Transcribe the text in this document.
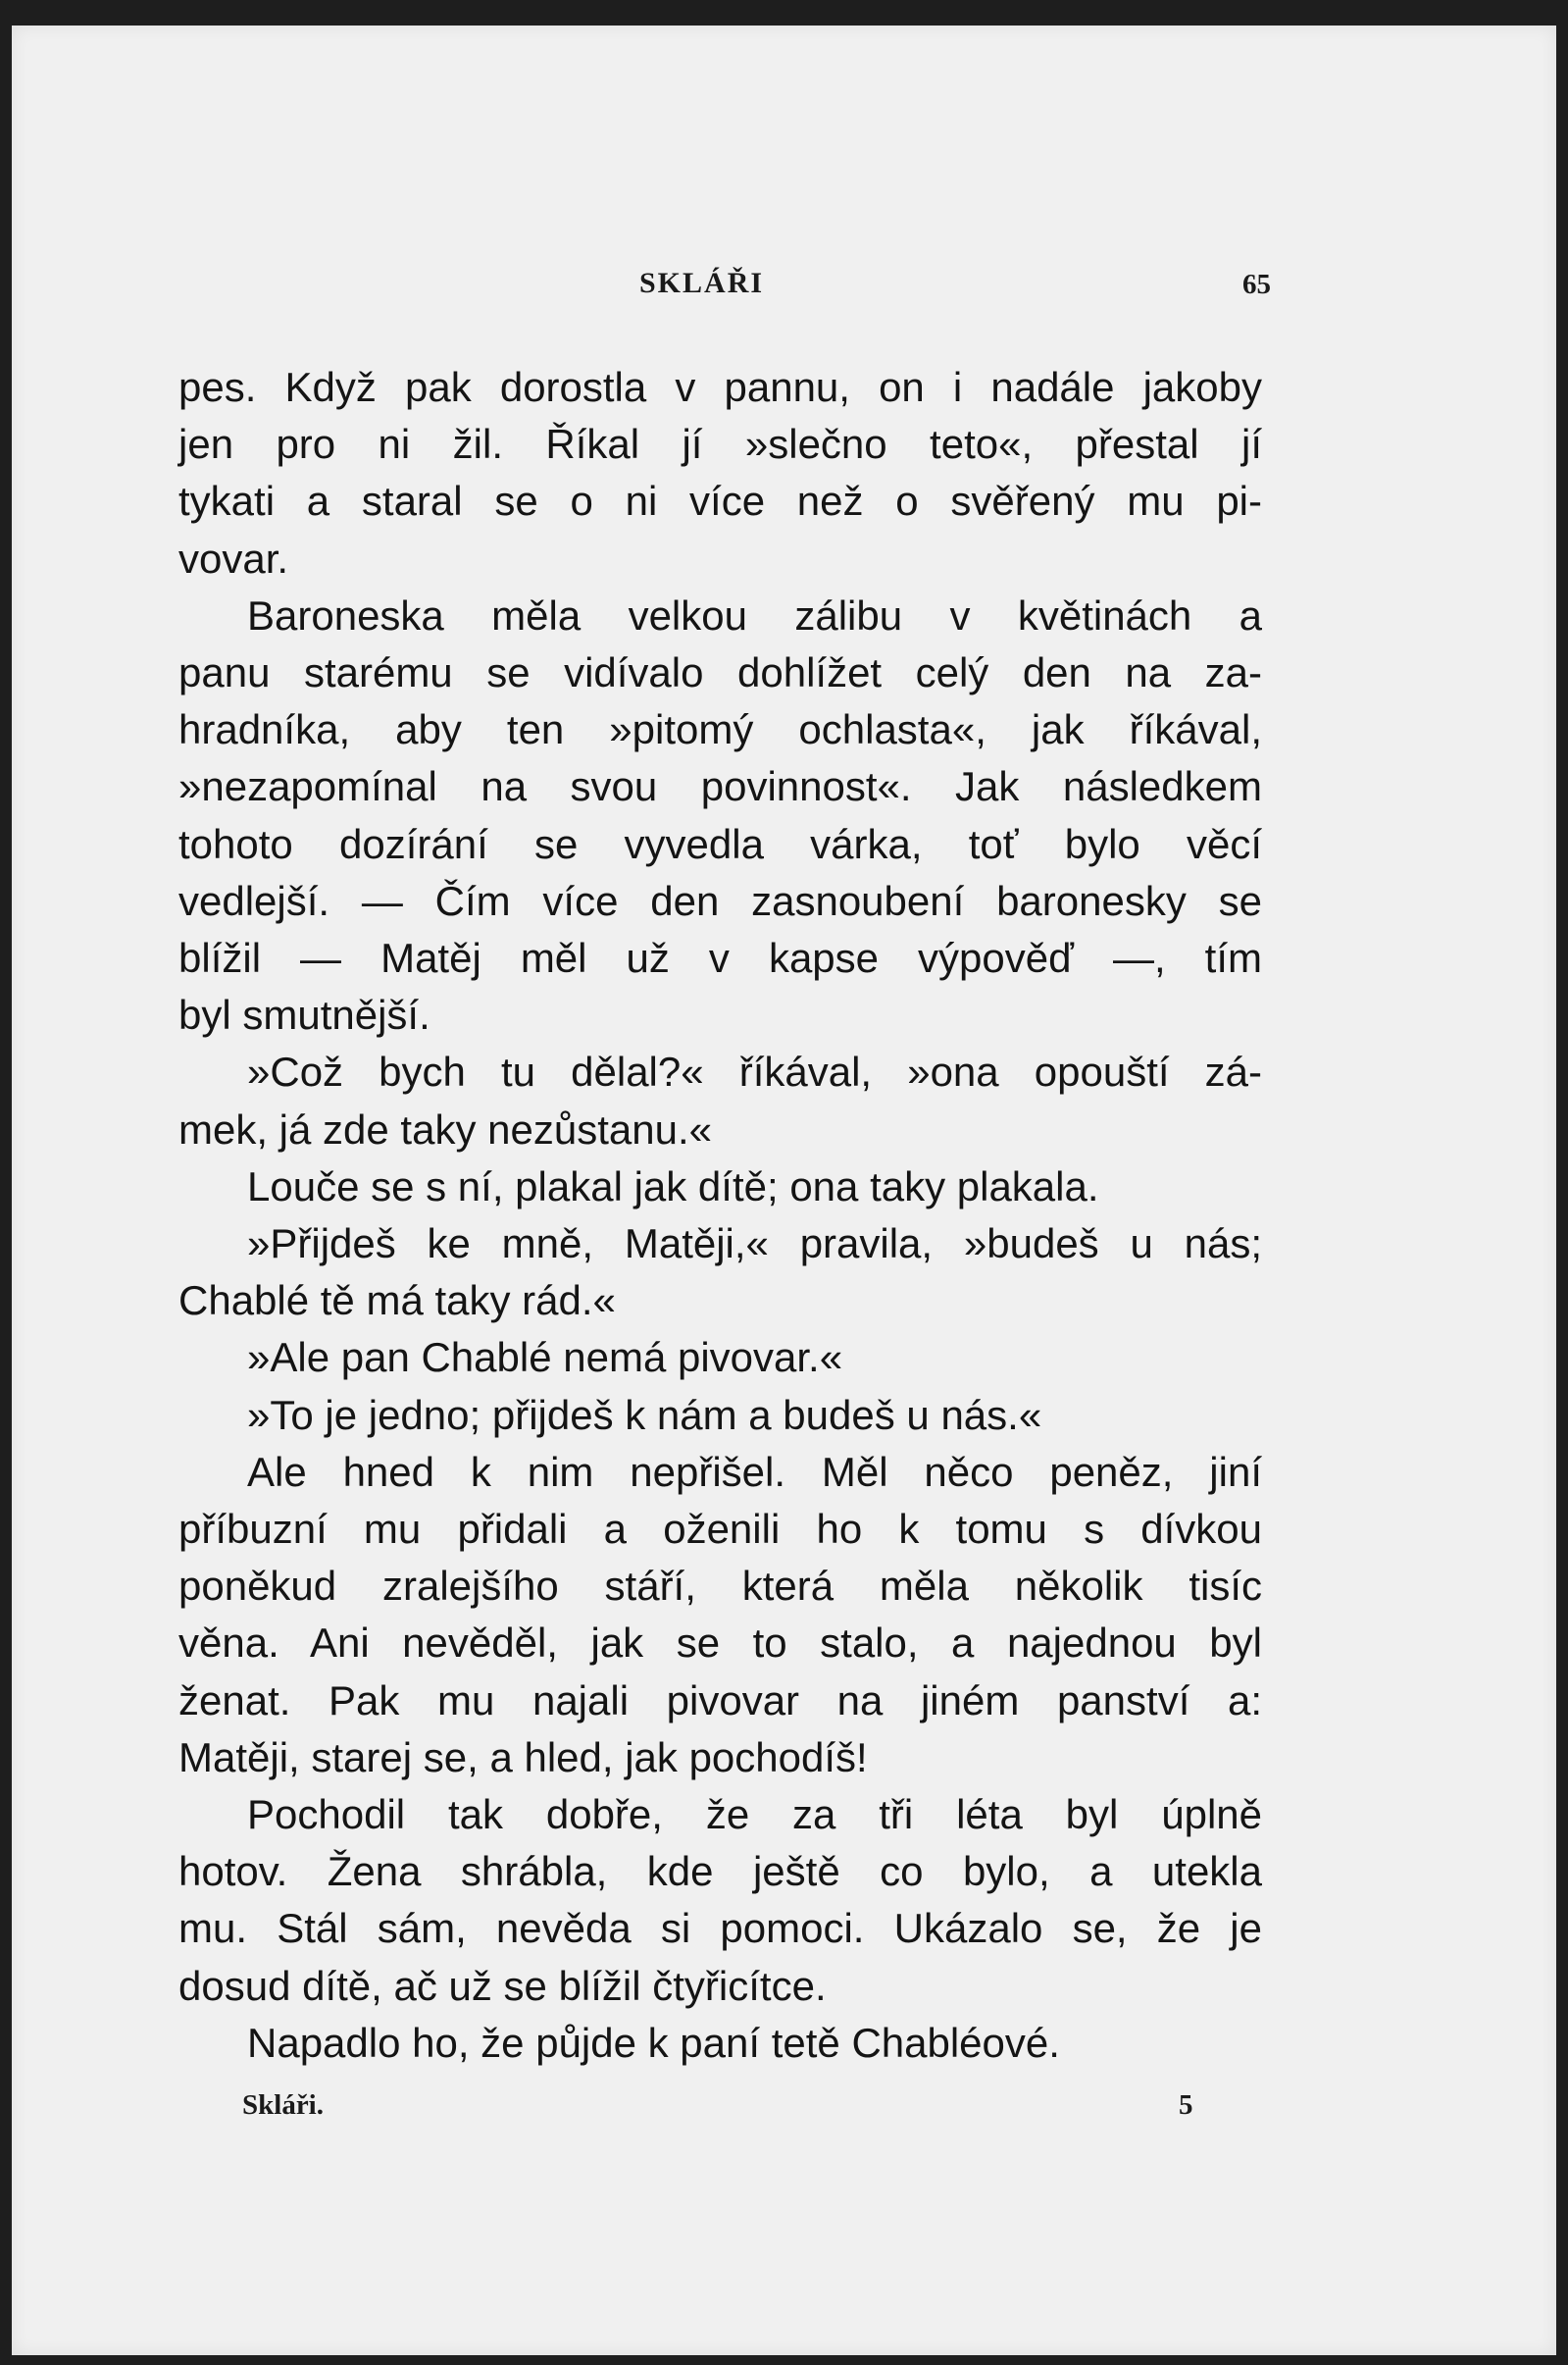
SKLÁŘI	65

pes. Když pak dorostla v pannu, on i nadále jakoby
jen pro ni žil. Říkal jí »slečno teto«, přestal jí
tykati a staral se o ni více než o svěřený mu pi-
vovar.

Baroneska měla velkou zálibu v květinách a
panu starému se vidívalo dohlížet celý den na za-
hradníka, aby ten »pitomý ochlasta«, jak říkával,
»nezapomínal na svou povinnost«. Jak následkem
tohoto dozírání se vyvedla várka, toť bylo věcí
vedlejší. — Čím více den zasnoubení baronesky se
blížil — Matěj měl už v kapse výpověď —, tím
byl smutnější.

»Což bych tu dělal?« říkával, »ona opouští zá-
mek, já zde taky nezůstanu.«

Louče se s ní, plakal jak dítě; ona taky plakala.

»Přijdeš ke mně, Matěji,« pravila, »budeš u nás;
Chablé tě má taky rád.«

»Ale pan Chablé nemá pivovar.«

»To je jedno; přijdeš k nám a budeš u nás.«

Ale hned k nim nepřišel. Měl něco peněz, jiní
příbuzní mu přidali a oženili ho k tomu s dívkou
poněkud zralejšího stáří, která měla několik tisíc
věna. Ani nevěděl, jak se to stalo, a najednou byl
ženat. Pak mu najali pivovar na jiném panství a:
Matěji, starej se, a hled, jak pochodíš!

Pochodil tak dobře, že za tři léta byl úplně
hotov. Žena shrábla, kde ještě co bylo, a utekla
mu. Stál sám, nevěda si pomoci. Ukázalo se, že je
dosud dítě, ač už se blížil čtyřicítce.

Napadlo ho, že půjde k paní tetě Chabléové.

Skláři.	5
